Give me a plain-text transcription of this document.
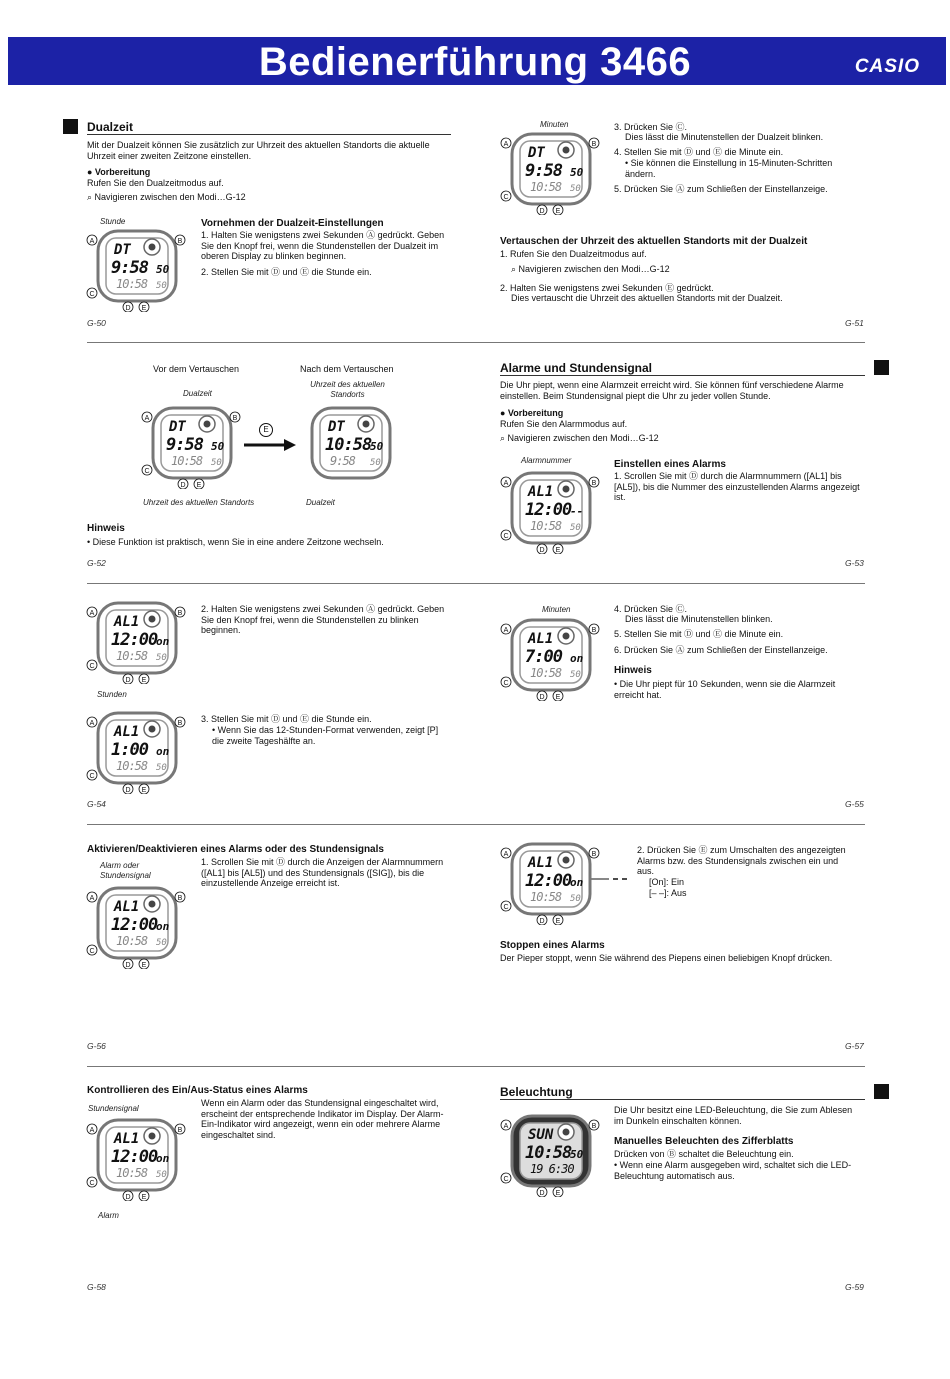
Bedienerführung 3466	CASIO
Dualzeit
Mit der Dualzeit können Sie zusätzlich zur Uhrzeit des aktuellen Standorts die aktuelle Uhrzeit einer zweiten Zeitzone einstellen.
● Vorbereitung
Rufen Sie den Dualzeitmodus auf.
⌕ Navigieren zwischen den Modi…G-12
Stunde	Vornehmen der Dualzeit-Einstellungen
1. Halten Sie wenigstens zwei Sekunden Ⓐ gedrückt. Geben Sie den Knopf frei, wenn die Stundenstellen der Dualzeit im oberen Display zu blinken beginnen.
2. Stellen Sie mit Ⓓ und Ⓔ die Stunde ein.
G-50
Minuten	3. Drücken Sie Ⓒ.
Dies lässt die Minutenstellen der Dualzeit blinken.
4. Stellen Sie mit Ⓓ und Ⓔ die Minute ein.
• Sie können die Einstellung in 15-Minuten-Schritten ändern.
5. Drücken Sie Ⓐ zum Schließen der Einstellanzeige.
Vertauschen der Uhrzeit des aktuellen Standorts mit der Dualzeit
1. Rufen Sie den Dualzeitmodus auf.
⌕ Navigieren zwischen den Modi…G-12
2. Halten Sie wenigstens zwei Sekunden Ⓔ gedrückt.
Dies vertauscht die Uhrzeit des aktuellen Standorts mit der Dualzeit.
G-51
Vor dem Vertauschen	Nach dem Vertauschen
Dualzeit
Uhrzeit des aktuellen Standorts
Uhrzeit des aktuellen Standorts	Dualzeit
Hinweis
• Diese Funktion ist praktisch, wenn Sie in eine andere Zeitzone wechseln.
G-52
Alarme und Stundensignal
Die Uhr piept, wenn eine Alarmzeit erreicht wird. Sie können fünf verschiedene Alarme einstellen. Beim Stundensignal piept die Uhr zu jeder vollen Stunde.
● Vorbereitung
Rufen Sie den Alarmmodus auf.
⌕ Navigieren zwischen den Modi…G-12
Alarmnummer	Einstellen eines Alarms
1. Scrollen Sie mit Ⓓ durch die Alarmnummern ([AL1] bis [AL5]), bis die Nummer des einzustellenden Alarms angezeigt ist.
G-53
2. Halten Sie wenigstens zwei Sekunden Ⓐ gedrückt. Geben Sie den Knopf frei, wenn die Stundenstellen zu blinken beginnen.
Stunden
3. Stellen Sie mit Ⓓ und Ⓔ die Stunde ein.
• Wenn Sie das 12-Stunden-Format verwenden, zeigt [P] die zweite Tageshälfte an.
G-54
Minuten	4. Drücken Sie Ⓒ.
Dies lässt die Minutenstellen blinken.
5. Stellen Sie mit Ⓓ und Ⓔ die Minute ein.
6. Drücken Sie Ⓐ zum Schließen der Einstellanzeige.
Hinweis
• Die Uhr piept für 10 Sekunden, wenn sie die Alarmzeit erreicht hat.
G-55
Aktivieren/Deaktivieren eines Alarms oder des Stundensignals
Alarm oder Stundensignal
1. Scrollen Sie mit Ⓓ durch die Anzeigen der Alarmnummern ([AL1] bis [AL5]) und des Stundensignals ([SIG]), bis die einzustellende Anzeige erreicht ist.
G-56
2. Drücken Sie Ⓔ zum Umschalten des angezeigten Alarms bzw. des Stundensignals zwischen ein und aus.
[On]: Ein
[– –]: Aus
Stoppen eines Alarms
Der Pieper stoppt, wenn Sie während des Piepens einen beliebigen Knopf drücken.
G-57
Kontrollieren des Ein/Aus-Status eines Alarms
Stundensignal
Wenn ein Alarm oder das Stundensignal eingeschaltet wird, erscheint der entsprechende Indikator im Display. Der Alarm-Ein-Indikator wird angezeigt, wenn ein oder mehrere Alarme eingeschaltet sind.
Alarm
G-58
Beleuchtung
Die Uhr besitzt eine LED-Beleuchtung, die Sie zum Ablesen im Dunkeln einschalten können.
Manuelles Beleuchten des Zifferblatts
Drücken von Ⓑ schaltet die Beleuchtung ein.
• Wenn eine Alarm ausgegeben wird, schaltet sich die LED-Beleuchtung automatisch aus.
G-59
E
DT
9:58 50
10:58 50
A	B
C
D E
DT
9:58 50
10:58 50
A	B
C
D E
DT
9:58 50
10:58 50
A	B
C
D E
DT
10:58
50
9:58 50
AL1
12:00
--
10:58 50
A	B
C
D E
AL1
12:00
on
10:58 50
A	B
C
D E
AL1
7:00 on
10:58 50
A	B
C
D E
AL1
1:00 on
10:58 50
A	B
C
D E
AL1
12:00
on
10:58 50
A	B
C
D E
AL1
12:00
on
10:58 50
A	B
C
D E
AL1
12:00
on
10:58 50
A	B
C
D E
SUN
10:58
50
19 6:30
A	B
C
D E
